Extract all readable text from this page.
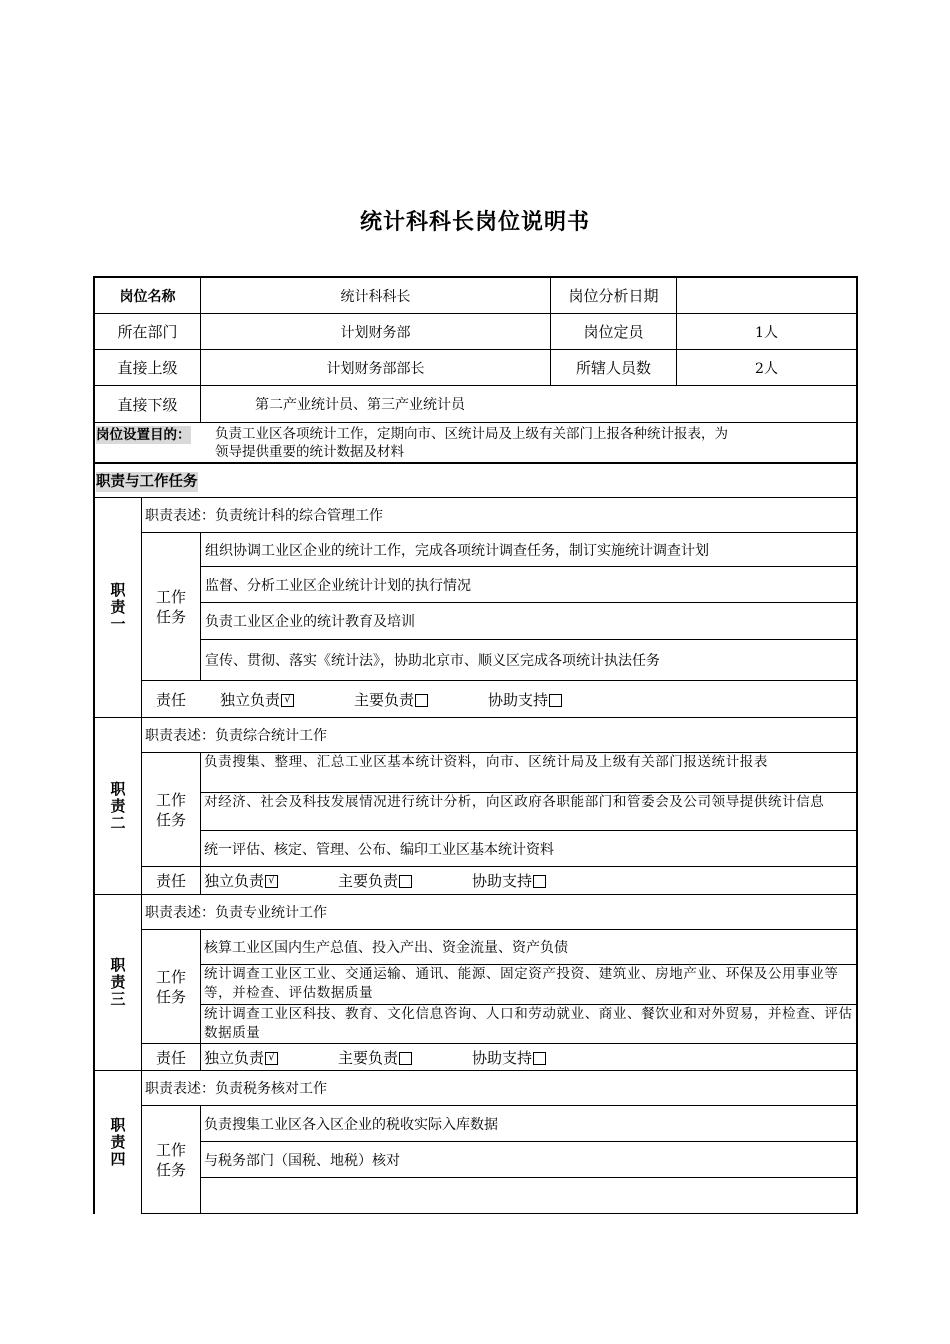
统计科科长岗位说明书
岗位名称	统计科科长	岗位分析日期
所在部门	计划财务部	岗位定员	1人
直接上级	计划财务部部长	所辖人员数	2人
直接下级	第二产业统计员、第三产业统计员
岗位设置目的： 负责工业区各项统计工作，定期向市、区统计局及上级有关部门上报各种统计报表，为
领导提供重要的统计数据及材料
职责与工作任务
职责一
职责表述：负责统计科的综合管理工作
工作任务
组织协调工业区企业的统计工作，完成各项统计调查任务，制订实施统计调查计划
监督、分析工业区企业统计计划的执行情况
负责工业区企业的统计教育及培训
宣传、贯彻、落实《统计法》，协助北京市、顺义区完成各项统计执法任务
责任	独立负责 √	主要负责	协助支持
职责二
职责表述：负责综合统计工作
工作任务
负责搜集、整理、汇总工业区基本统计资料，向市、区统计局及上级有关部门报送统计报表
对经济、社会及科技发展情况进行统计分析，向区政府各职能部门和管委会及公司领导提供统计信息
统一评估、核定、管理、公布、编印工业区基本统计资料
责任	独立负责 √	主要负责	协助支持
职责三
职责表述：负责专业统计工作
工作任务
核算工业区国内生产总值、投入产出、资金流量、资产负债
统计调查工业区工业、交通运输、通讯、能源、固定资产投资、建筑业、房地产业、环保及公用事业等等，并检查、评估数据质量
统计调查工业区科技、教育、文化信息咨询、人口和劳动就业、商业、餐饮业和对外贸易，并检查、评估数据质量
责任	独立负责 √	主要负责	协助支持
职责四
职责表述：负责税务核对工作
工作任务
负责搜集工业区各入区企业的税收实际入库数据
与税务部门（国税、地税）核对
